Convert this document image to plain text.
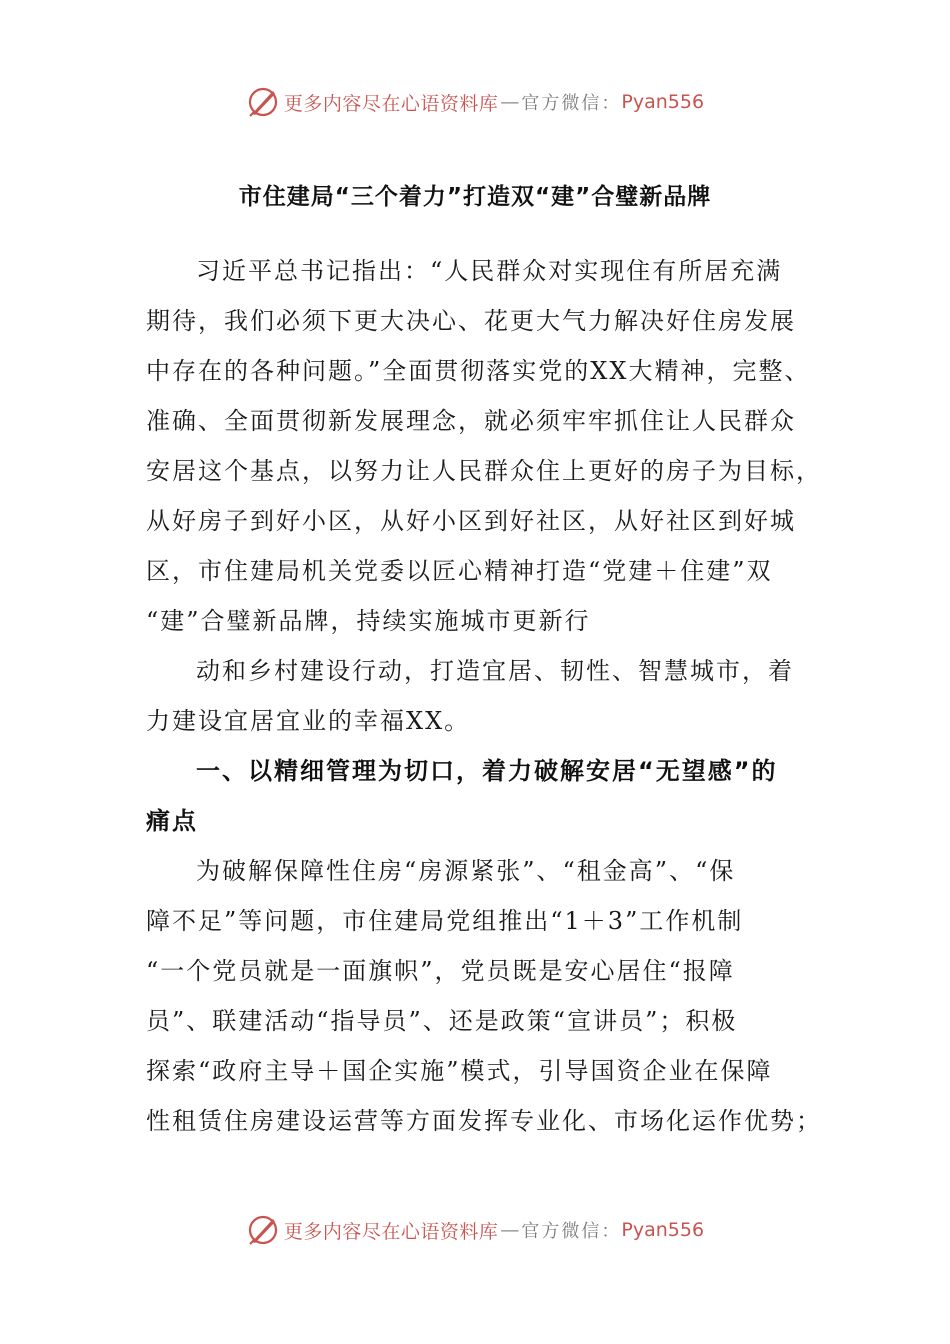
更多内容尽在心语资料库 — 官方微信： Pyan556
市住建局“三个着力”打造双“建”合璧新品牌
习近平总书记指出：“人民群众对实现住有所居充满
期待，我们必须下更大决心、花更大气力解决好住房发展
中存在的各种问题。”全面贯彻落实党的XX大精神，完整、
准确、全面贯彻新发展理念，就必须牢牢抓住让人民群众
安居这个基点，以努力让人民群众住上更好的房子为目标，
从好房子到好小区，从好小区到好社区，从好社区到好城
区，市住建局机关党委以匠心精神打造“党建＋住建”双
“建”合璧新品牌，持续实施城市更新行
动和乡村建设行动，打造宜居、韧性、智慧城市，着
力建设宜居宜业的幸福XX。
一、以精细管理为切口，着力破解安居“无望感”的
痛点
为破解保障性住房“房源紧张”、“租金高”、“保
障不足”等问题，市住建局党组推出“1＋3”工作机制
“一个党员就是一面旗帜”，党员既是安心居住“报障
员”、联建活动“指导员”、还是政策“宣讲员”；积极
探索“政府主导＋国企实施”模式，引导国资企业在保障
性租赁住房建设运营等方面发挥专业化、市场化运作优势；
更多内容尽在心语资料库 — 官方微信： Pyan556
